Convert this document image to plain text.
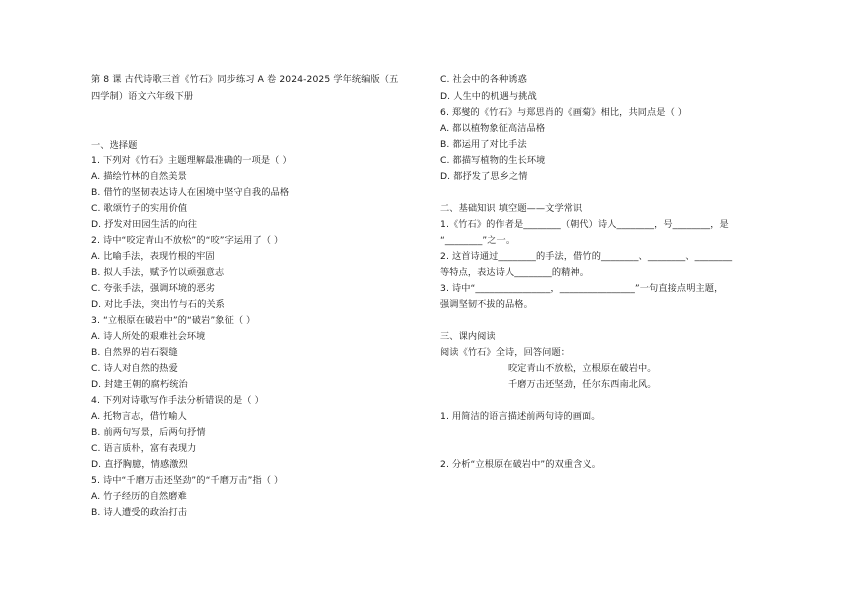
第 8 课 古代诗歌三首《竹石》同步练习 A 卷 2024-2025 学年统编版（五
四学制）语文六年级下册
一、选择题
1. 下列对《竹石》主题理解最准确的一项是（ ）
A. 描绘竹林的自然美景
B. 借竹的坚韧表达诗人在困境中坚守自我的品格
C. 歌颂竹子的实用价值
D. 抒发对田园生活的向往
2. 诗中“咬定青山不放松”的“咬”字运用了（ ）
A. 比喻手法，表现竹根的牢固
B. 拟人手法，赋予竹以顽强意志
C. 夸张手法，强调环境的恶劣
D. 对比手法，突出竹与石的关系
3. “立根原在破岩中”的“破岩”象征（ ）
A. 诗人所处的艰难社会环境
B. 自然界的岩石裂缝
C. 诗人对自然的热爱
D. 封建王朝的腐朽统治
4. 下列对诗歌写作手法分析错误的是（ ）
A. 托物言志，借竹喻人
B. 前两句写景，后两句抒情
C. 语言质朴，富有表现力
D. 直抒胸臆，情感激烈
5. 诗中“千磨万击还坚劲”的“千磨万击”指（ ）
A. 竹子经历的自然磨难
B. 诗人遭受的政治打击
C. 社会中的各种诱惑
D. 人生中的机遇与挑战
6. 郑燮的《竹石》与郑思肖的《画菊》相比，共同点是（ ）
A. 都以植物象征高洁品格
B. 都运用了对比手法
C. 都描写植物的生长环境
D. 都抒发了思乡之情
二、基础知识 填空题——文学常识
1.《竹石》的作者是________（朝代）诗人________，号________，是
“________”之一。
2. 这首诗通过________的手法，借竹的________、________、________
等特点，表达诗人________的精神。
3. 诗中“________________，________________”一句直接点明主题，
强调坚韧不拔的品格。
三、课内阅读
阅读《竹石》全诗，回答问题：
咬定青山不放松，立根原在破岩中。
千磨万击还坚劲，任尔东西南北风。
1. 用简洁的语言描述前两句诗的画面。
2. 分析“立根原在破岩中”的双重含义。
